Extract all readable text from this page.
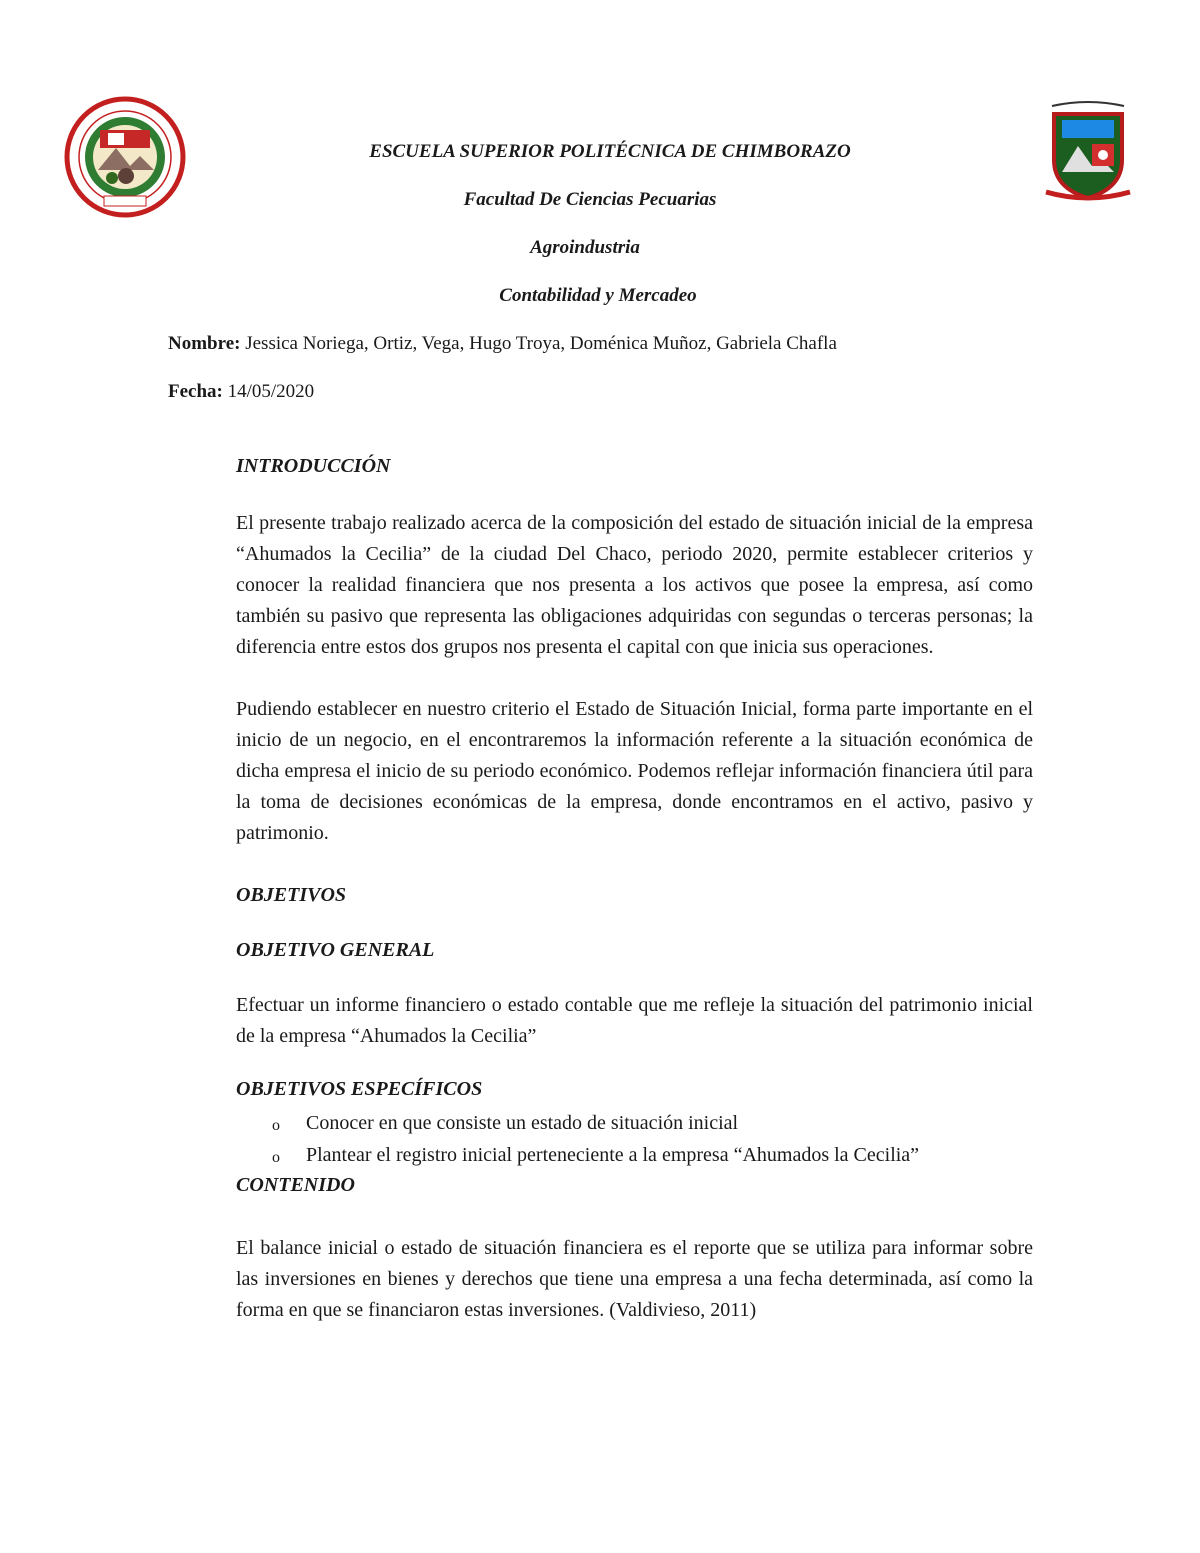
ESCUELA SUPERIOR POLITÉCNICA DE CHIMBORAZO
Facultad De Ciencias Pecuarias
Agroindustria
Contabilidad y Mercadeo
Nombre: Jessica Noriega, Ortiz, Vega, Hugo Troya, Doménica Muñoz, Gabriela Chafla
Fecha: 14/05/2020
INTRODUCCIÓN

El presente trabajo realizado acerca de la composición del estado de situación inicial de la empresa “Ahumados la Cecilia” de la ciudad Del Chaco, periodo 2020, permite establecer criterios y conocer la realidad financiera que nos presenta a los activos que posee la empresa, así como también su pasivo que representa las obligaciones adquiridas con segundas o terceras personas; la diferencia entre estos dos grupos nos presenta el capital con que inicia sus operaciones.

Pudiendo establecer en nuestro criterio el Estado de Situación Inicial, forma parte importante en el inicio de un negocio, en el encontraremos la información referente a la situación económica de dicha empresa el inicio de su periodo económico. Podemos reflejar información financiera útil para la toma de decisiones económicas de la empresa, donde encontramos en el activo, pasivo y patrimonio.

OBJETIVOS
OBJETIVO GENERAL

Efectuar un informe financiero o estado contable que me refleje la situación del patrimonio inicial de la empresa “Ahumados la Cecilia”

OBJETIVOS ESPECÍFICOS
o Conocer en que consiste un estado de situación inicial
o Plantear el registro inicial perteneciente a la empresa “Ahumados la Cecilia”
CONTENIDO

El balance inicial o estado de situación financiera es el reporte que se utiliza para informar sobre las inversiones en bienes y derechos que tiene una empresa a una fecha determinada, así como la forma en que se financiaron estas inversiones. (Valdivieso, 2011)
